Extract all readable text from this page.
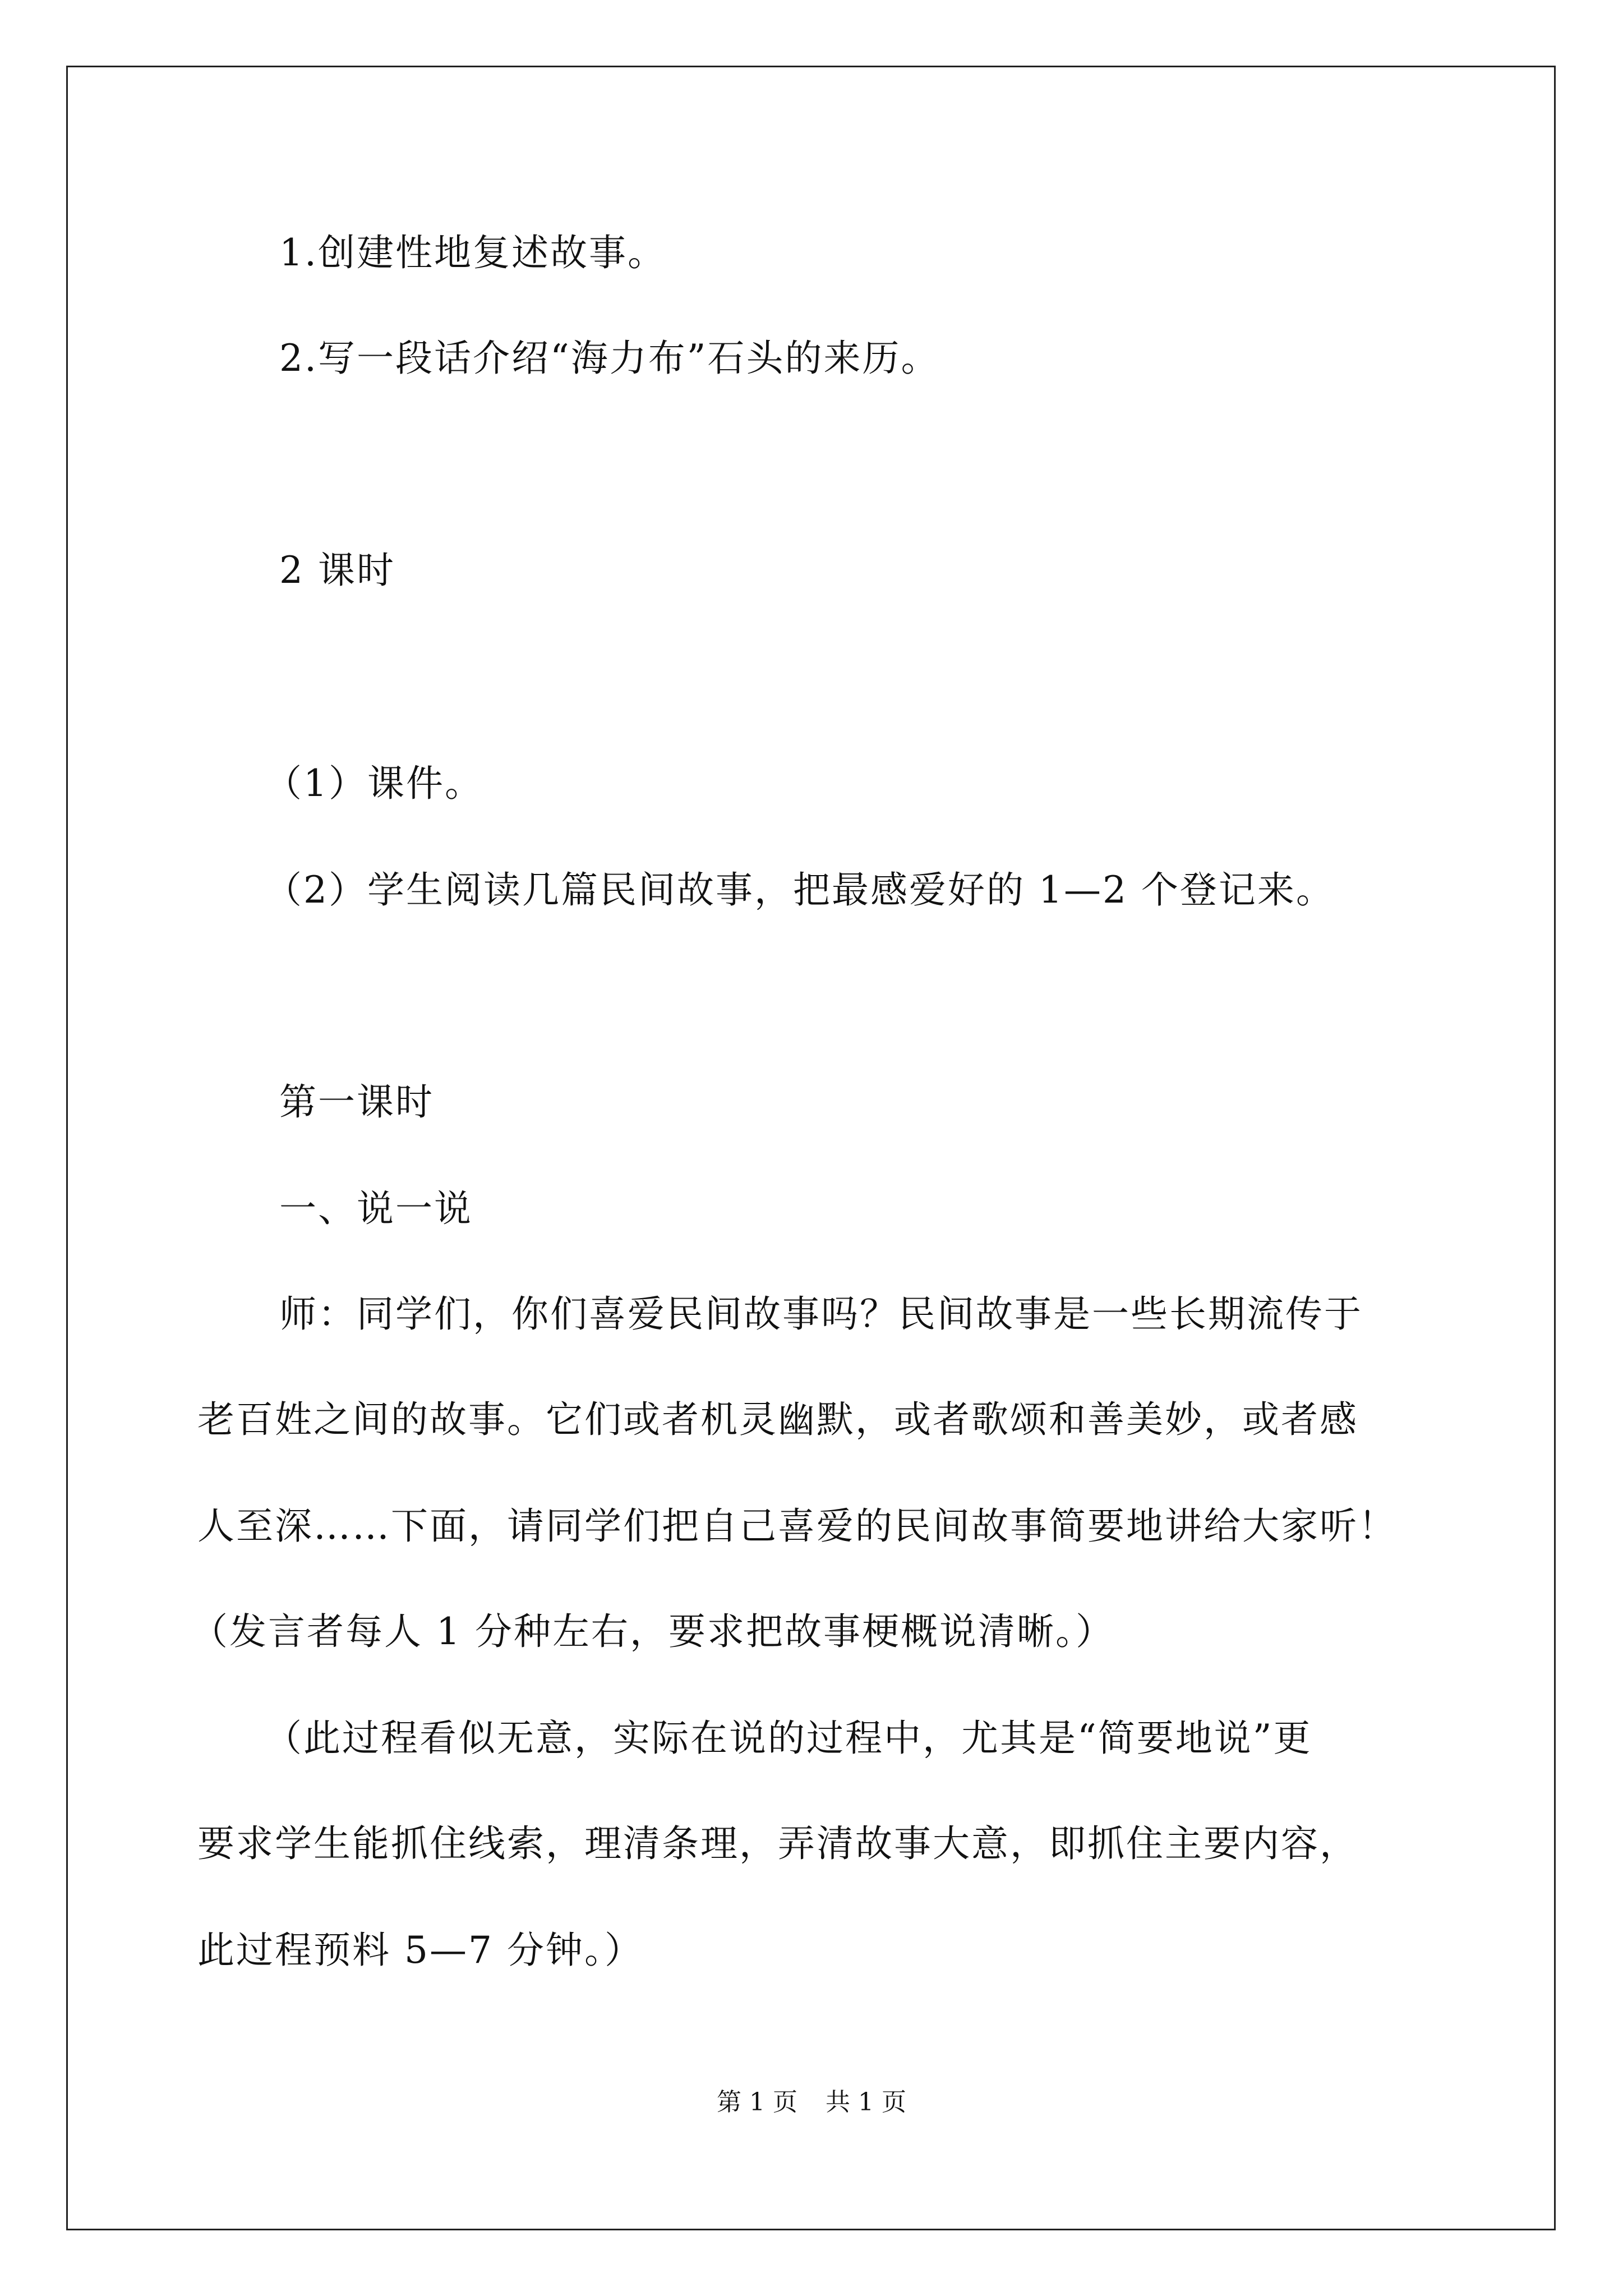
1.创建性地复述故事。
2.写一段话介绍“海力布”石头的来历。
2 课时
（1）课件。
（2）学生阅读几篇民间故事，把最感爱好的 1—2 个登记来。
第一课时
一、说一说
师：同学们，你们喜爱民间故事吗？民间故事是一些长期流传于
老百姓之间的故事。它们或者机灵幽默，或者歌颂和善美妙，或者感
人至深……下面，请同学们把自己喜爱的民间故事简要地讲给大家听！
（发言者每人 1 分种左右，要求把故事梗概说清晰。）
（此过程看似无意，实际在说的过程中，尤其是“简要地说”更
要求学生能抓住线索，理清条理，弄清故事大意，即抓住主要内容，
此过程预料 5—7 分钟。）
第 1 页 共 1 页
